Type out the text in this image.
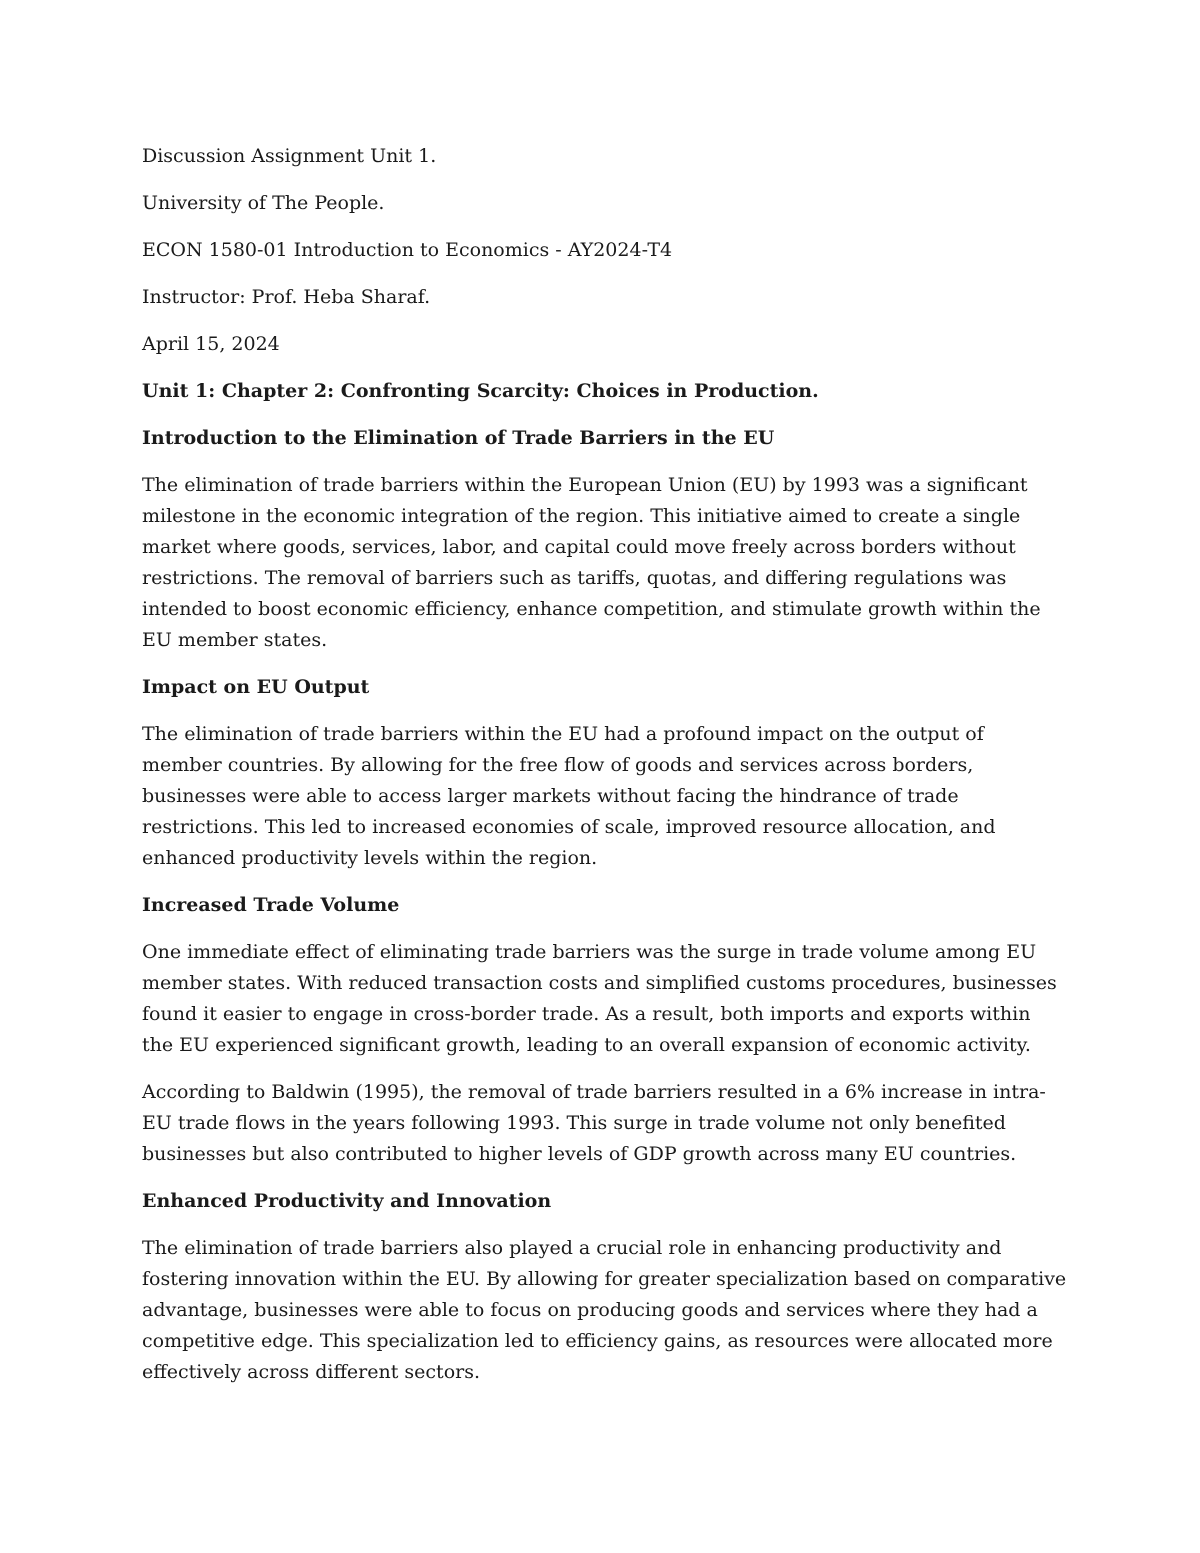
Discussion Assignment Unit 1.

University of The People.

ECON 1580-01 Introduction to Economics - AY2024-T4

Instructor: Prof. Heba Sharaf.

April 15, 2024

Unit 1: Chapter 2: Confronting Scarcity: Choices in Production.

Introduction to the Elimination of Trade Barriers in the EU

The elimination of trade barriers within the European Union (EU) by 1993 was a significant milestone in the economic integration of the region. This initiative aimed to create a single market where goods, services, labor, and capital could move freely across borders without restrictions. The removal of barriers such as tariffs, quotas, and differing regulations was intended to boost economic efficiency, enhance competition, and stimulate growth within the EU member states.

Impact on EU Output

The elimination of trade barriers within the EU had a profound impact on the output of member countries. By allowing for the free flow of goods and services across borders, businesses were able to access larger markets without facing the hindrance of trade restrictions. This led to increased economies of scale, improved resource allocation, and enhanced productivity levels within the region.

Increased Trade Volume

One immediate effect of eliminating trade barriers was the surge in trade volume among EU member states. With reduced transaction costs and simplified customs procedures, businesses found it easier to engage in cross-border trade. As a result, both imports and exports within the EU experienced significant growth, leading to an overall expansion of economic activity.

According to Baldwin (1995), the removal of trade barriers resulted in a 6% increase in intra-EU trade flows in the years following 1993. This surge in trade volume not only benefited businesses but also contributed to higher levels of GDP growth across many EU countries.

Enhanced Productivity and Innovation

The elimination of trade barriers also played a crucial role in enhancing productivity and fostering innovation within the EU. By allowing for greater specialization based on comparative advantage, businesses were able to focus on producing goods and services where they had a competitive edge. This specialization led to efficiency gains, as resources were allocated more effectively across different sectors.
